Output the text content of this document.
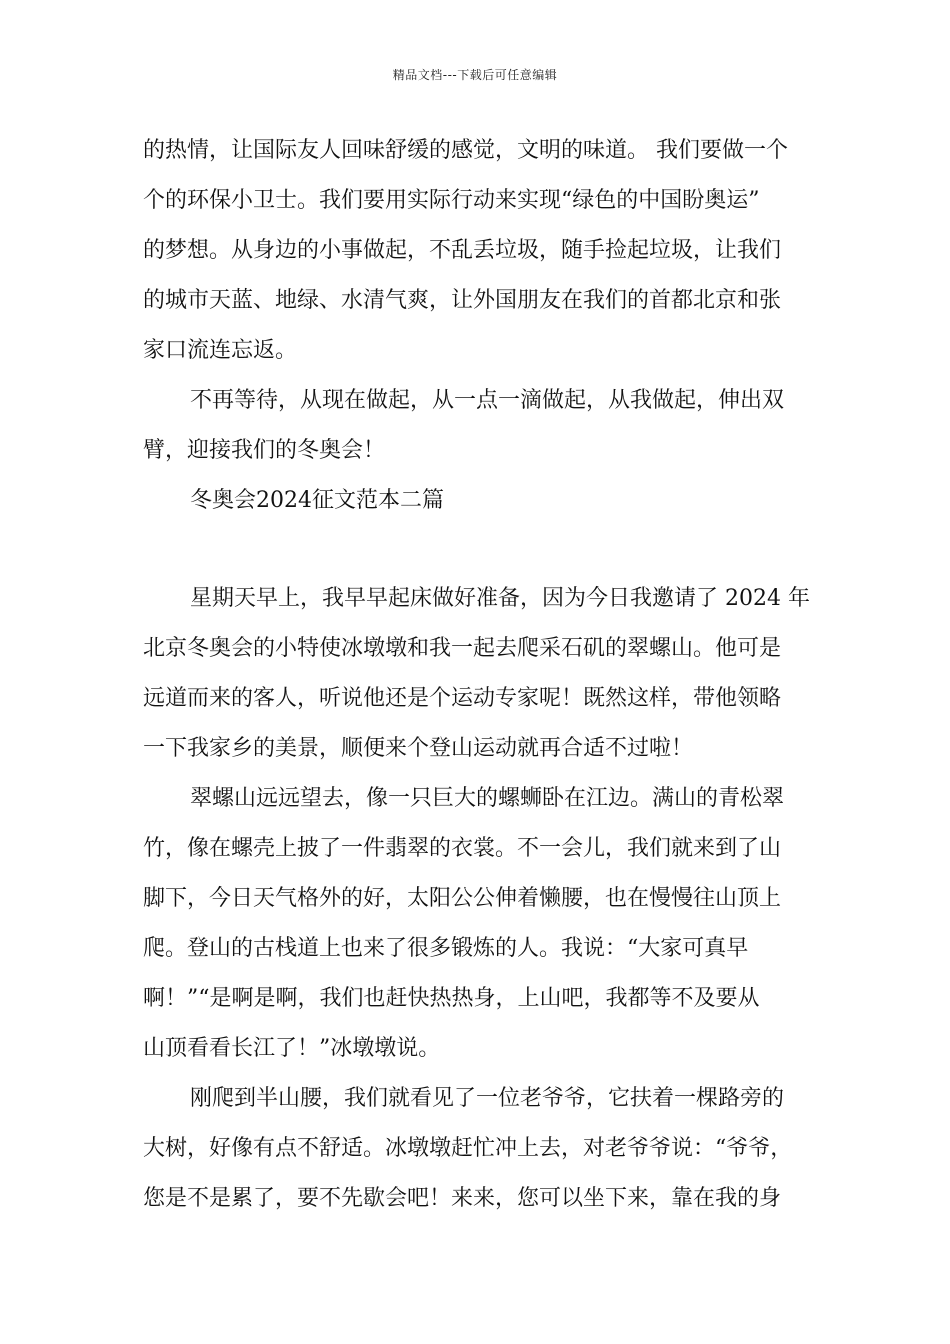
精品文档---下载后可任意编辑
的热情，让国际友人回味舒缓的感觉，文明的味道。 我们要做一个
个的环保小卫士。我们要用实际行动来实现“绿色的中国盼奥运”
的梦想。从身边的小事做起，不乱丢垃圾，随手捡起垃圾，让我们
的城市天蓝、地绿、水清气爽，让外国朋友在我们的首都北京和张
家口流连忘返。
不再等待，从现在做起，从一点一滴做起，从我做起，伸出双
臂，迎接我们的冬奥会！
冬奥会2024征文范本二篇
星期天早上，我早早起床做好准备，因为今日我邀请了 2024 年
北京冬奥会的小特使冰墩墩和我一起去爬采石矶的翠螺山。他可是
远道而来的客人，听说他还是个运动专家呢！既然这样，带他领略
一下我家乡的美景，顺便来个登山运动就再合适不过啦！
翠螺山远远望去，像一只巨大的螺蛳卧在江边。满山的青松翠
竹，像在螺壳上披了一件翡翠的衣裳。不一会儿，我们就来到了山
脚下，今日天气格外的好，太阳公公伸着懒腰，也在慢慢往山顶上
爬。登山的古栈道上也来了很多锻炼的人。我说：“大家可真早
啊！”“是啊是啊，我们也赶快热热身，上山吧，我都等不及要从
山顶看看长江了！”冰墩墩说。
刚爬到半山腰，我们就看见了一位老爷爷，它扶着一棵路旁的
大树，好像有点不舒适。冰墩墩赶忙冲上去，对老爷爷说：“爷爷，
您是不是累了，要不先歇会吧！来来，您可以坐下来，靠在我的身
